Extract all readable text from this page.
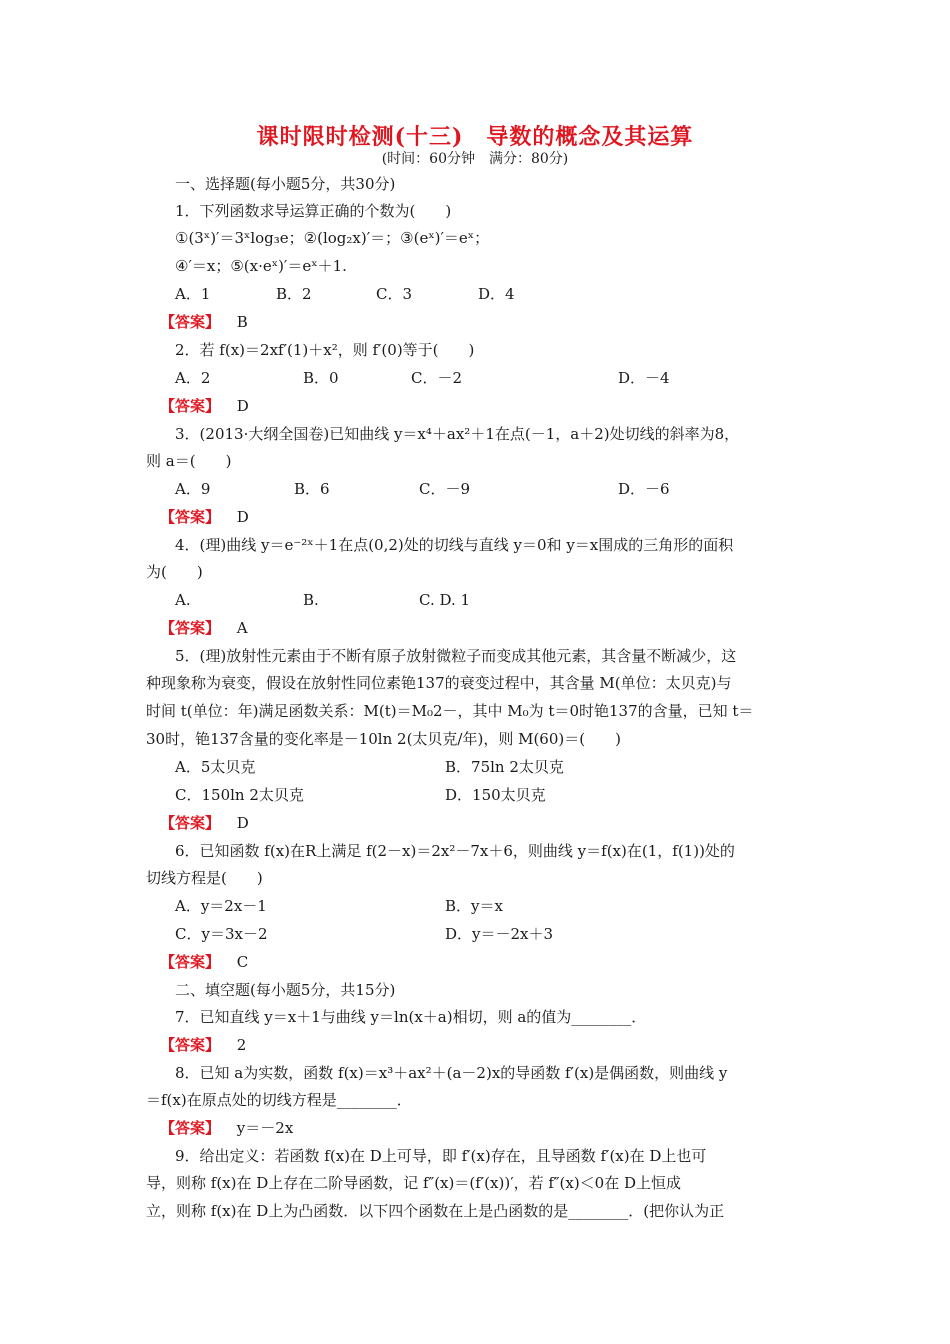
课时限时检测(十三)　导数的概念及其运算
(时间：60分钟　满分：80分)
一、选择题(每小题5分，共30分)
1．下列函数求导运算正确的个数为(　　)
①(3ˣ)′＝3ˣlog₃e；②(log₂x)′＝；③(eˣ)′＝eˣ；
④′＝x；⑤(x·eˣ)′＝eˣ＋1.
A．1	B．2	C．3	D．4
【答案】 B
2．若 f(x)＝2xf′(1)＋x²，则 f′(0)等于(　　)
A．2	B．0	C．－2	D．－4
【答案】 D
3．(2013·大纲全国卷)已知曲线 y＝x⁴＋ax²＋1在点(－1，a＋2)处切线的斜率为8，
则 a＝(　　)
A．9	B．6	C．－9	D．－6
【答案】 D
4．(理)曲线 y＝e⁻²ˣ＋1在点(0,2)处的切线与直线 y＝0和 y＝x围成的三角形的面积
为(　　)
A.	B.	C. D. 1
【答案】 A
5．(理)放射性元素由于不断有原子放射微粒子而变成其他元素，其含量不断减少，这
种现象称为衰变，假设在放射性同位素铯137的衰变过程中，其含量 M(单位：太贝克)与
时间 t(单位：年)满足函数关系：M(t)＝M₀2－，其中 M₀为 t＝0时铯137的含量，已知 t＝
30时，铯137含量的变化率是－10ln 2(太贝克/年)，则 M(60)＝(　　)
A．5太贝克	B．75ln 2太贝克
C．150ln 2太贝克	D．150太贝克
【答案】 D
6．已知函数 f(x)在R上满足 f(2－x)＝2x²－7x＋6，则曲线 y＝f(x)在(1，f(1))处的
切线方程是(　　)
A．y＝2x－1	B．y＝x
C．y＝3x－2	D．y＝－2x＋3
【答案】 C
二、填空题(每小题5分，共15分)
7．已知直线 y＝x＋1与曲线 y＝ln(x＋a)相切，则 a的值为________．
【答案】 2
8．已知 a为实数，函数 f(x)＝x³＋ax²＋(a－2)x的导函数 f′(x)是偶函数，则曲线 y
＝f(x)在原点处的切线方程是________．
【答案】 y＝－2x
9．给出定义：若函数 f(x)在 D上可导，即 f′(x)存在，且导函数 f′(x)在 D上也可
导，则称 f(x)在 D上存在二阶导函数，记 f″(x)＝(f′(x))′，若 f″(x)＜0在 D上恒成
立，则称 f(x)在 D上为凸函数．以下四个函数在上是凸函数的是________．(把你认为正
